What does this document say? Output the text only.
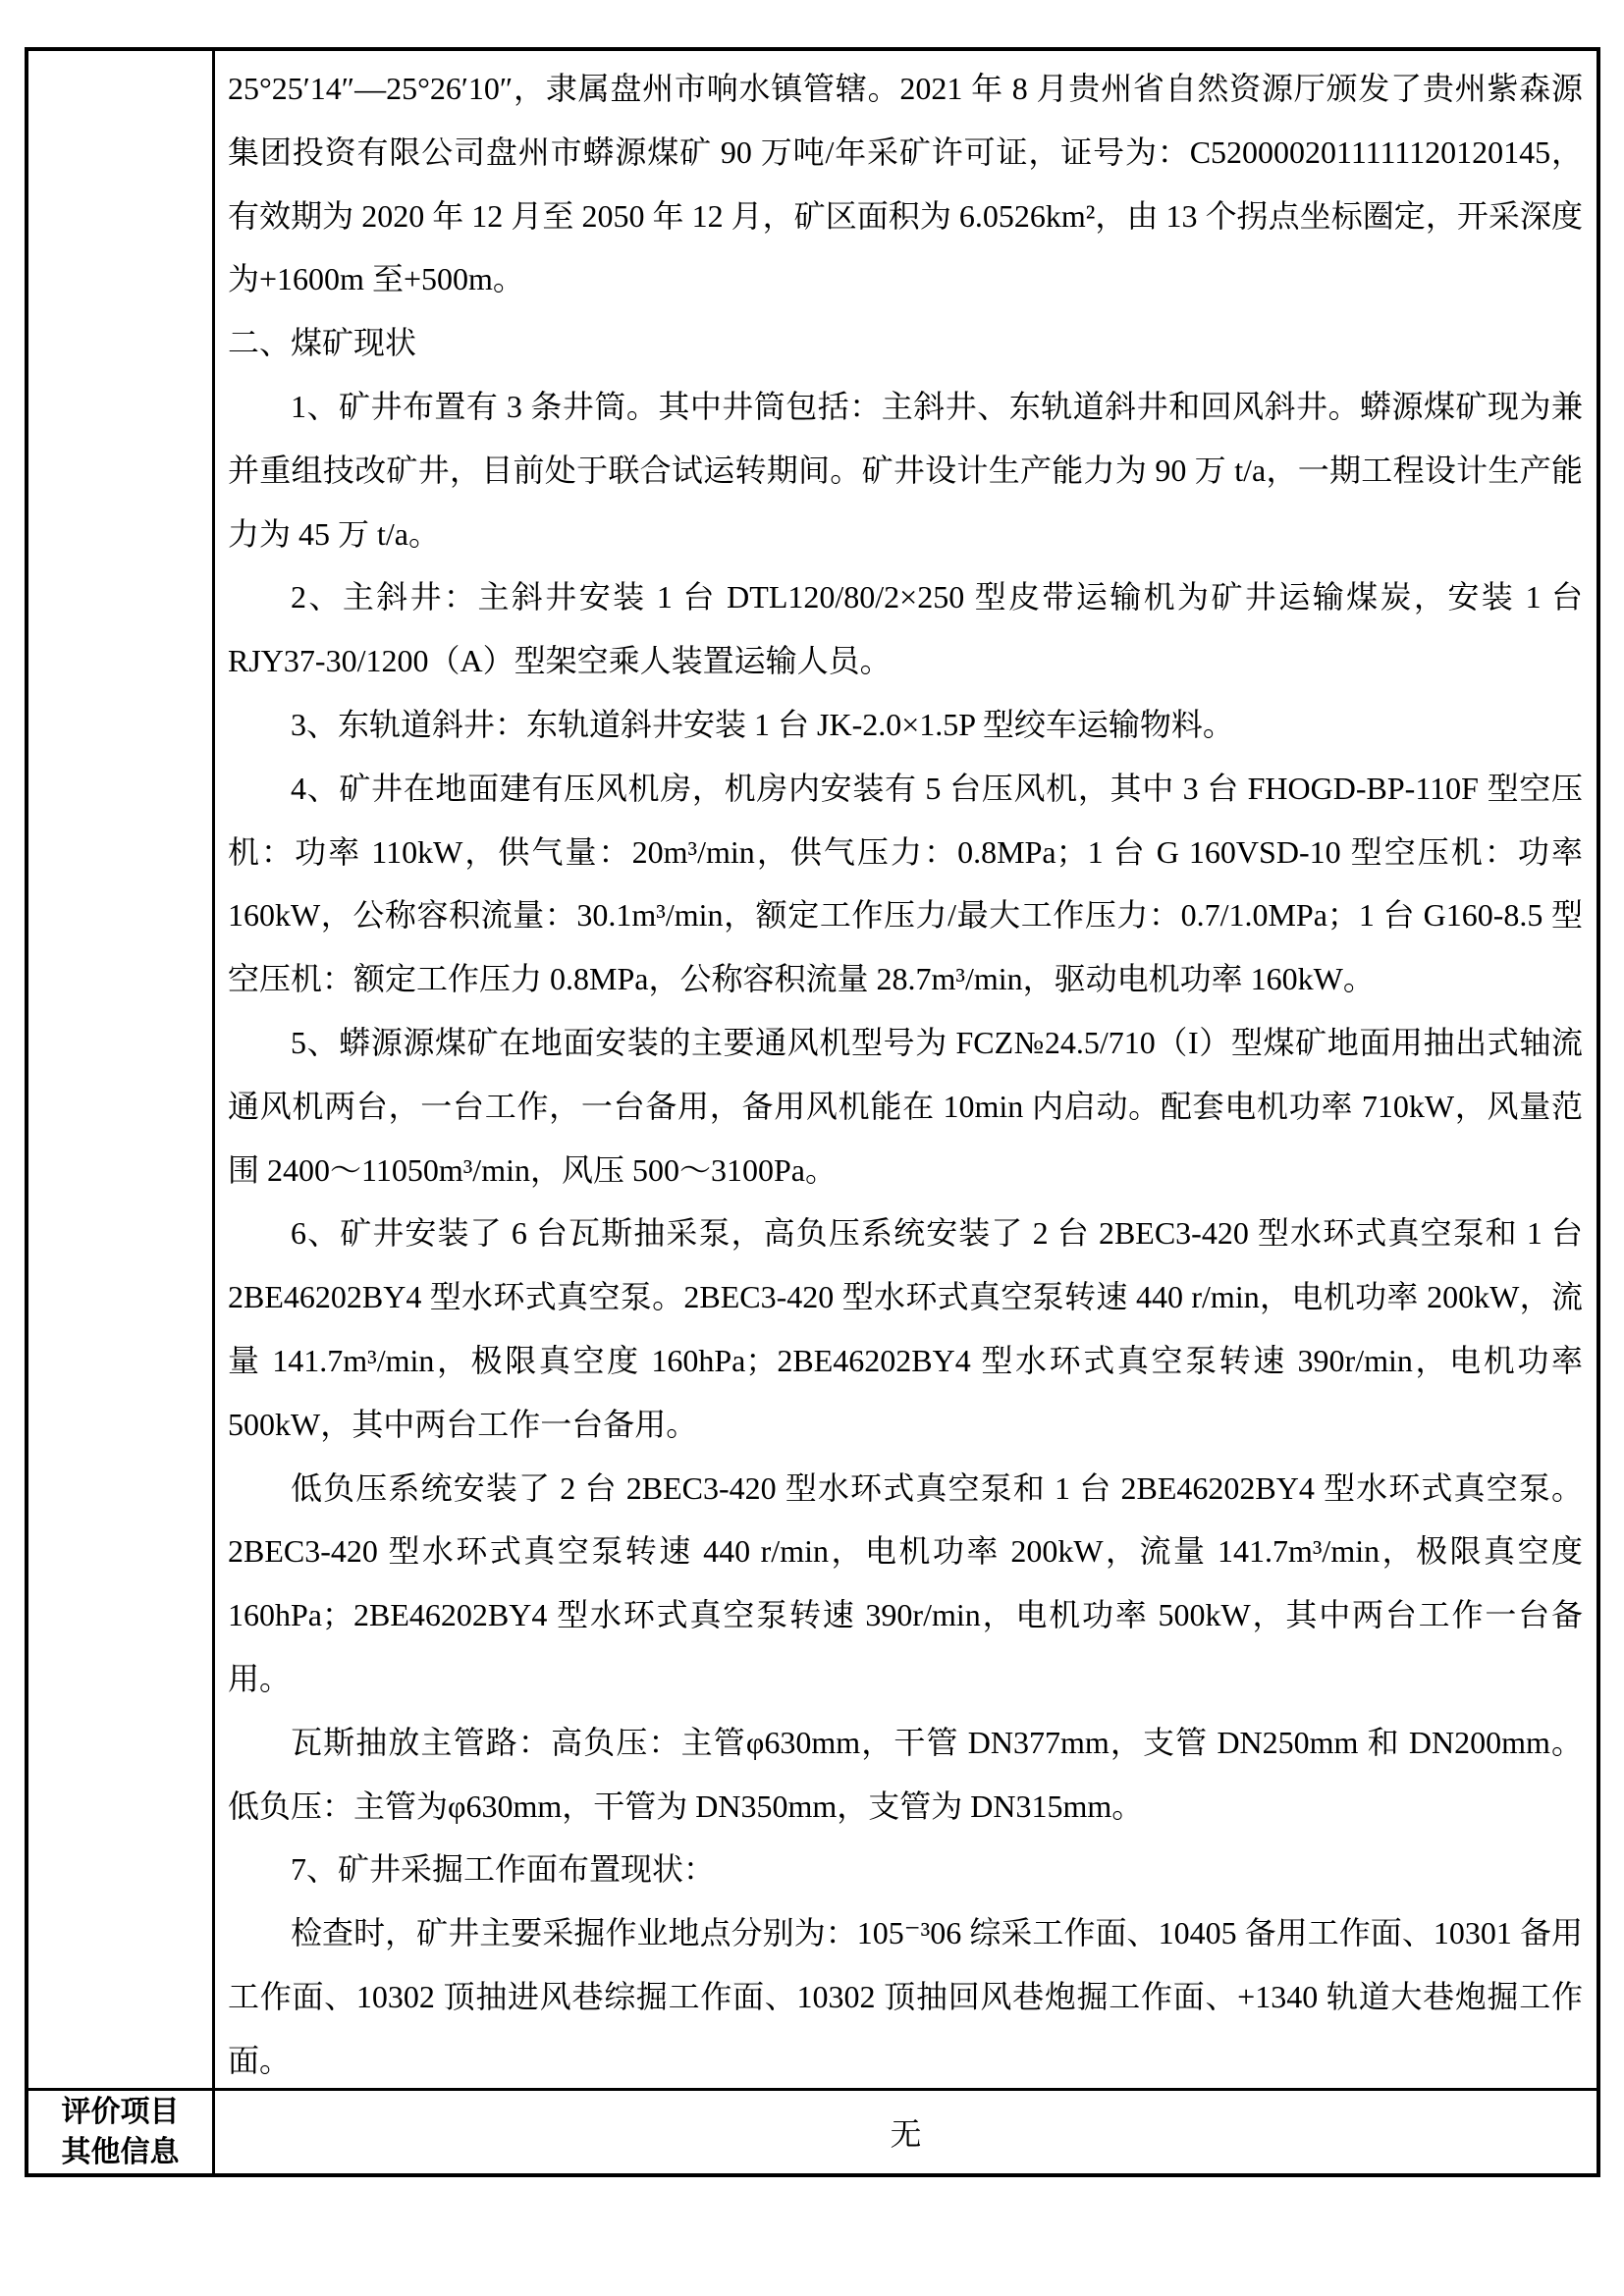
25°25′14″—25°26′10″，隶属盘州市响水镇管辖。2021 年 8 月贵州省自然资源厅颁发了贵州紫森源集团投资有限公司盘州市蟒源煤矿 90 万吨/年采矿许可证，证号为：C5200002011111120120145，有效期为 2020 年 12 月至 2050 年 12 月，矿区面积为 6.0526km²，由 13 个拐点坐标圈定，开采深度为+1600m 至+500m。

二、煤矿现状

1、矿井布置有 3 条井筒。其中井筒包括：主斜井、东轨道斜井和回风斜井。蟒源煤矿现为兼并重组技改矿井，目前处于联合试运转期间。矿井设计生产能力为 90 万 t/a，一期工程设计生产能力为 45 万 t/a。

2、主斜井：主斜井安装 1 台 DTL120/80/2×250 型皮带运输机为矿井运输煤炭，安装 1 台 RJY37-30/1200（A）型架空乘人装置运输人员。

3、东轨道斜井：东轨道斜井安装 1 台 JK-2.0×1.5P 型绞车运输物料。

4、矿井在地面建有压风机房，机房内安装有 5 台压风机，其中 3 台 FHOGD-BP-110F 型空压机：功率 110kW，供气量：20m³/min，供气压力：0.8MPa；1 台 G 160VSD-10 型空压机：功率 160kW，公称容积流量：30.1m³/min，额定工作压力/最大工作压力：0.7/1.0MPa；1 台 G160-8.5 型空压机：额定工作压力 0.8MPa，公称容积流量 28.7m³/min，驱动电机功率 160kW。

5、蟒源源煤矿在地面安装的主要通风机型号为 FCZ№24.5/710（I）型煤矿地面用抽出式轴流通风机两台，一台工作，一台备用，备用风机能在 10min 内启动。配套电机功率 710kW，风量范围 2400～11050m³/min，风压 500～3100Pa。

6、矿井安装了 6 台瓦斯抽采泵，高负压系统安装了 2 台 2BEC3-420 型水环式真空泵和 1 台 2BE46202BY4 型水环式真空泵。2BEC3-420 型水环式真空泵转速 440 r/min，电机功率 200kW，流量 141.7m³/min，极限真空度 160hPa；2BE46202BY4 型水环式真空泵转速 390r/min，电机功率 500kW，其中两台工作一台备用。

低负压系统安装了 2 台 2BEC3-420 型水环式真空泵和 1 台 2BE46202BY4 型水环式真空泵。2BEC3-420 型水环式真空泵转速 440 r/min，电机功率 200kW，流量 141.7m³/min，极限真空度 160hPa；2BE46202BY4 型水环式真空泵转速 390r/min，电机功率 500kW，其中两台工作一台备用。

瓦斯抽放主管路：高负压：主管φ630mm，干管 DN377mm，支管 DN250mm 和 DN200mm。低负压：主管为φ630mm，干管为 DN350mm，支管为 DN315mm。

7、矿井采掘工作面布置现状：

检查时，矿井主要采掘作业地点分别为：105⁻³06 综采工作面、10405 备用工作面、10301 备用工作面、10302 顶抽进风巷综掘工作面、10302 顶抽回风巷炮掘工作面、+1340 轨道大巷炮掘工作面。

评价项目
其他信息
无
